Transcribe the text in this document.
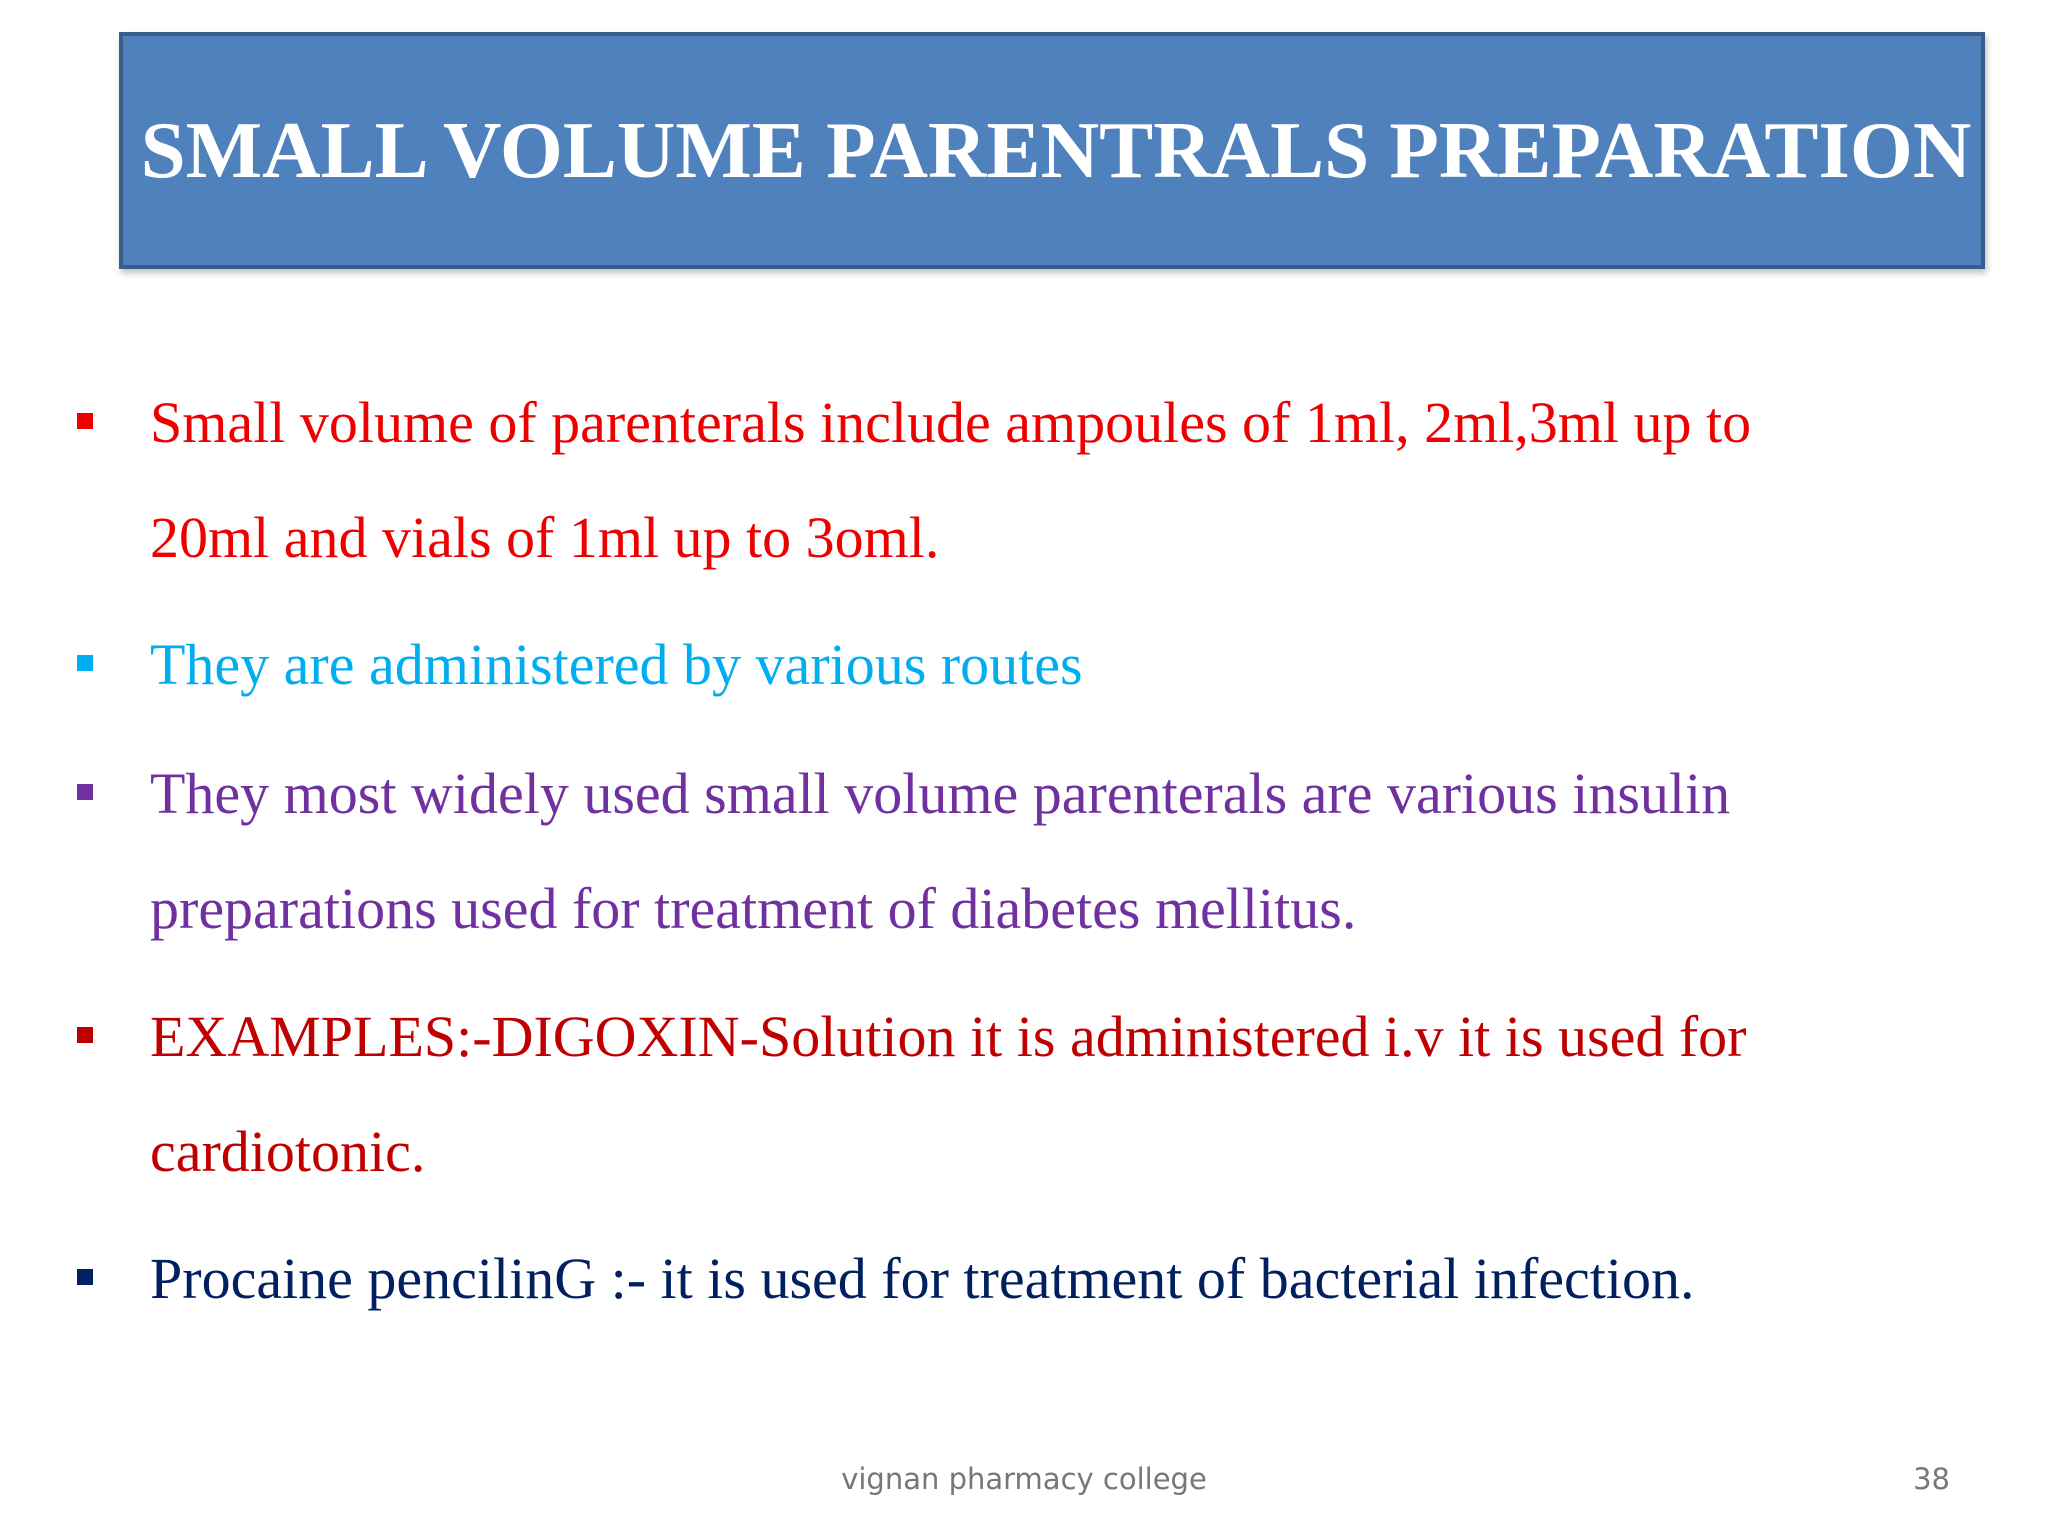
SMALL VOLUME PARENTRALS PREPARATION
Small volume of parenterals include ampoules of 1ml, 2ml,3ml up to
20ml and vials of 1ml up to 3oml.
They are administered by various routes
They most widely used small volume parenterals are various insulin
preparations used for treatment of diabetes mellitus.
EXAMPLES:-DIGOXIN-Solution it is administered i.v it is used for
cardiotonic.
Procaine pencilinG :- it is used for treatment of bacterial infection.
vignan pharmacy college	38
